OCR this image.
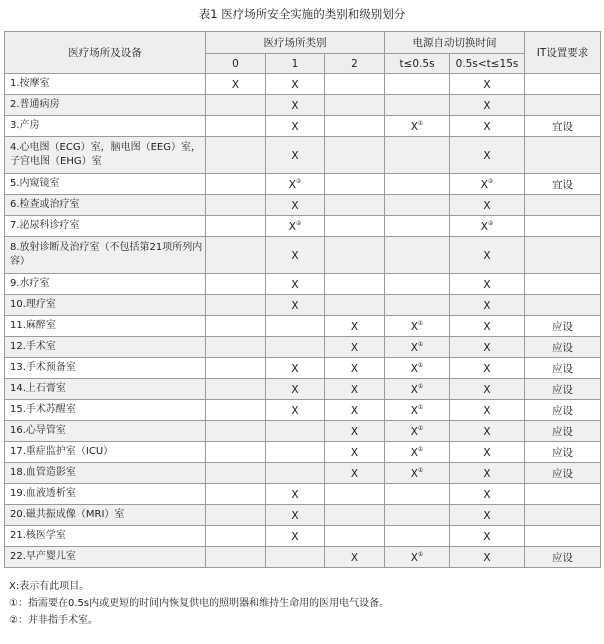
表1 医疗场所安全实施的类别和级别划分
医疗场所及设备	医疗场所类别			电源自动切换时间		IT设置要求
	0	1	2	t≤0.5s	0.5s<t≤15s	
1.按摩室	X	X			X	
2.普通病房		X			X	
3.产房		X		X①	X	宜设
4.心电图（ECG）室，脑电图（EEG）室，子宫电图（EHG）室		X			X	
5.内窥镜室		X②			X②	宜设
6.检查或治疗室		X			X	
7.泌尿科诊疗室		X②			X②	
8.放射诊断及治疗室（不包括第21项所列内容）		X			X	
9.水疗室		X			X	
10.理疗室		X			X	
11.麻醉室			X	X①	X	应设
12.手术室			X	X①	X	应设
13.手术预备室		X	X	X①	X	应设
14.上石膏室		X	X	X①	X	应设
15.手术苏醒室		X	X	X①	X	应设
16.心导管室			X	X①	X	应设
17.重症监护室（ICU）			X	X①	X	应设
18.血管造影室			X	X①	X	应设
19.血液透析室		X			X	
20.磁共振成像（MRI）室		X			X	
21.核医学室		X			X	
22.早产婴儿室			X	X①	X	应设
X:表示有此项目。
①：指需要在0.5s内或更短的时间内恢复供电的照明器和维持生命用的医用电气设备。
②：并非指手术室。
